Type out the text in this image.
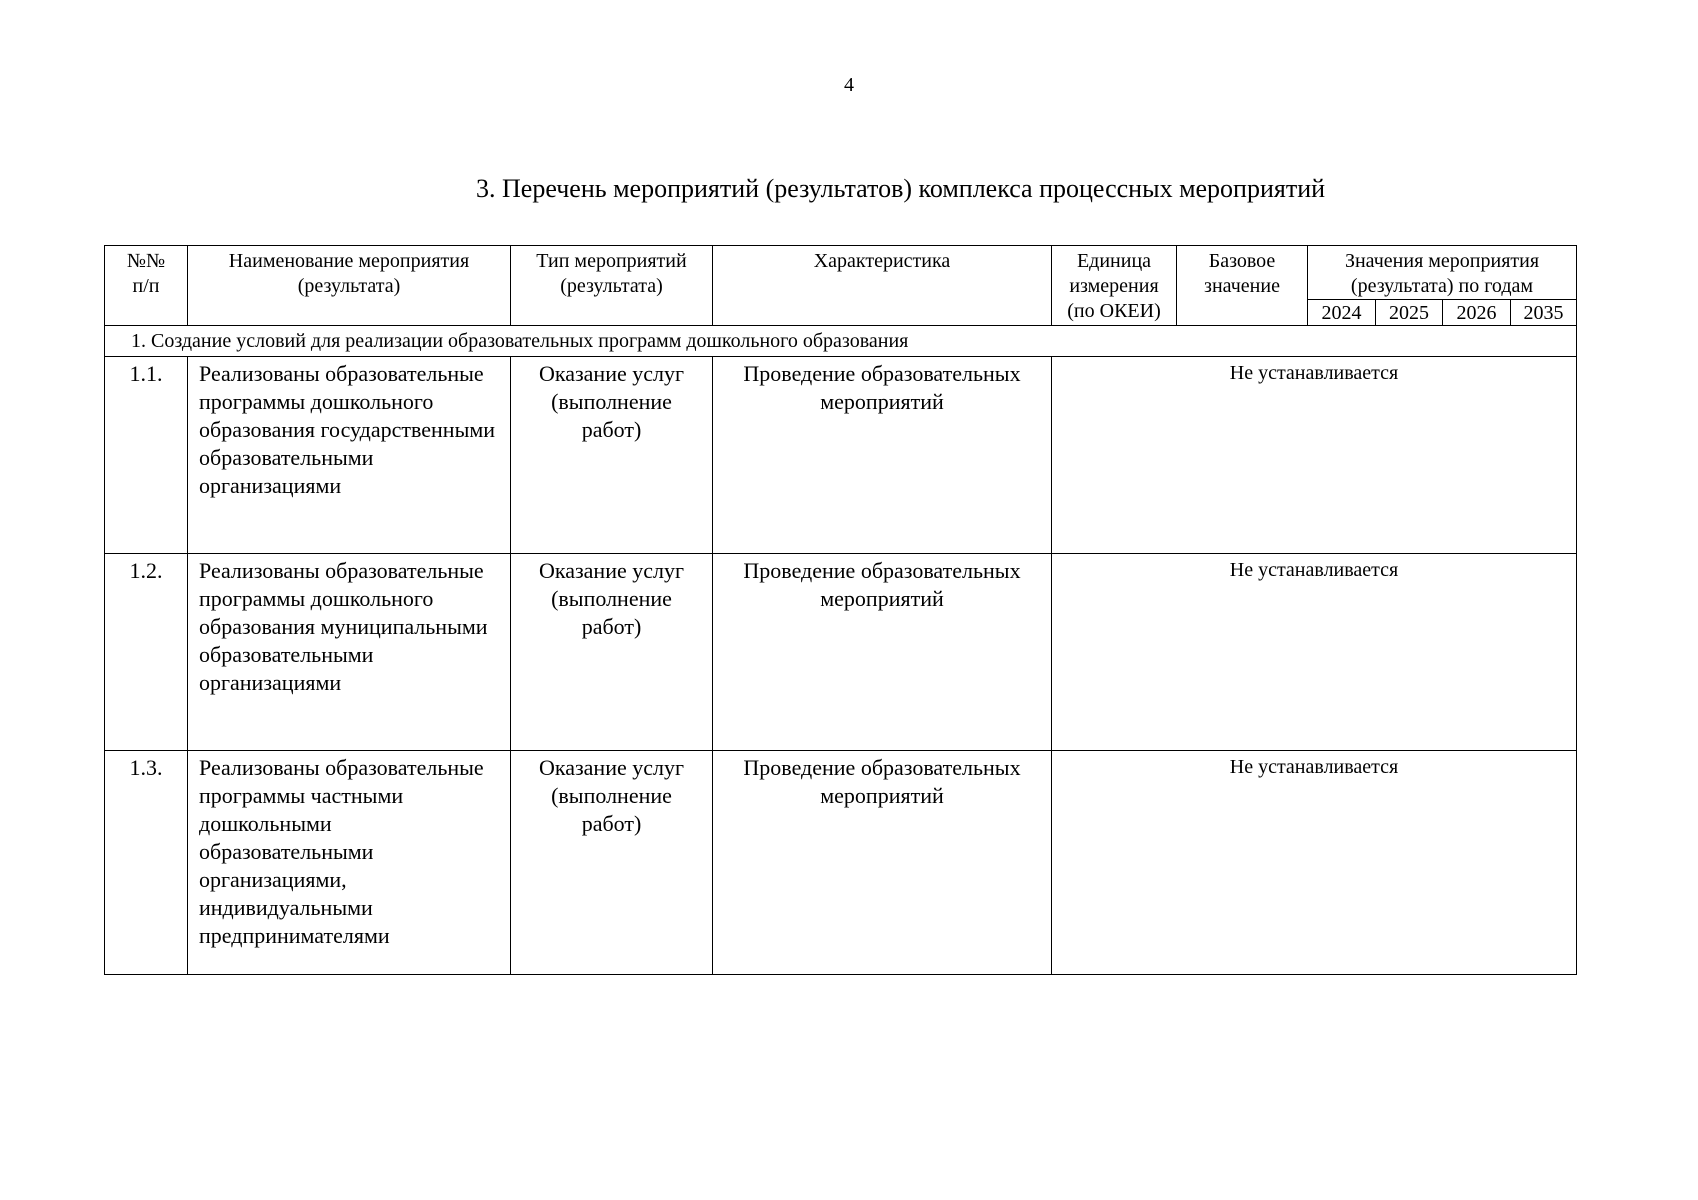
4
3. Перечень мероприятий (результатов) комплекса процессных мероприятий
№№ п/п	Наименование мероприятия (результата)	Тип мероприятий (результата)	Характеристика	Единица измерения (по ОКЕИ)	Базовое значение	Значения мероприятия (результата) по годам			

						2024	2025	2026	2035
1. Создание условий для реализации образовательных программ дошкольного образования									
1.1.	Реализованы образовательные программы дошкольного образования государственными образовательными организациями	Оказание услуг (выполнение работ)	Проведение образовательных мероприятий	Не устанавливается					
1.2.	Реализованы образовательные программы дошкольного образования муниципальными образовательными организациями	Оказание услуг (выполнение работ)	Проведение образовательных мероприятий	Не устанавливается					
1.3.	Реализованы образовательные программы частными дошкольными образовательными организациями, индивидуальными предпринимателями	Оказание услуг (выполнение работ)	Проведение образовательных мероприятий	Не устанавливается					
